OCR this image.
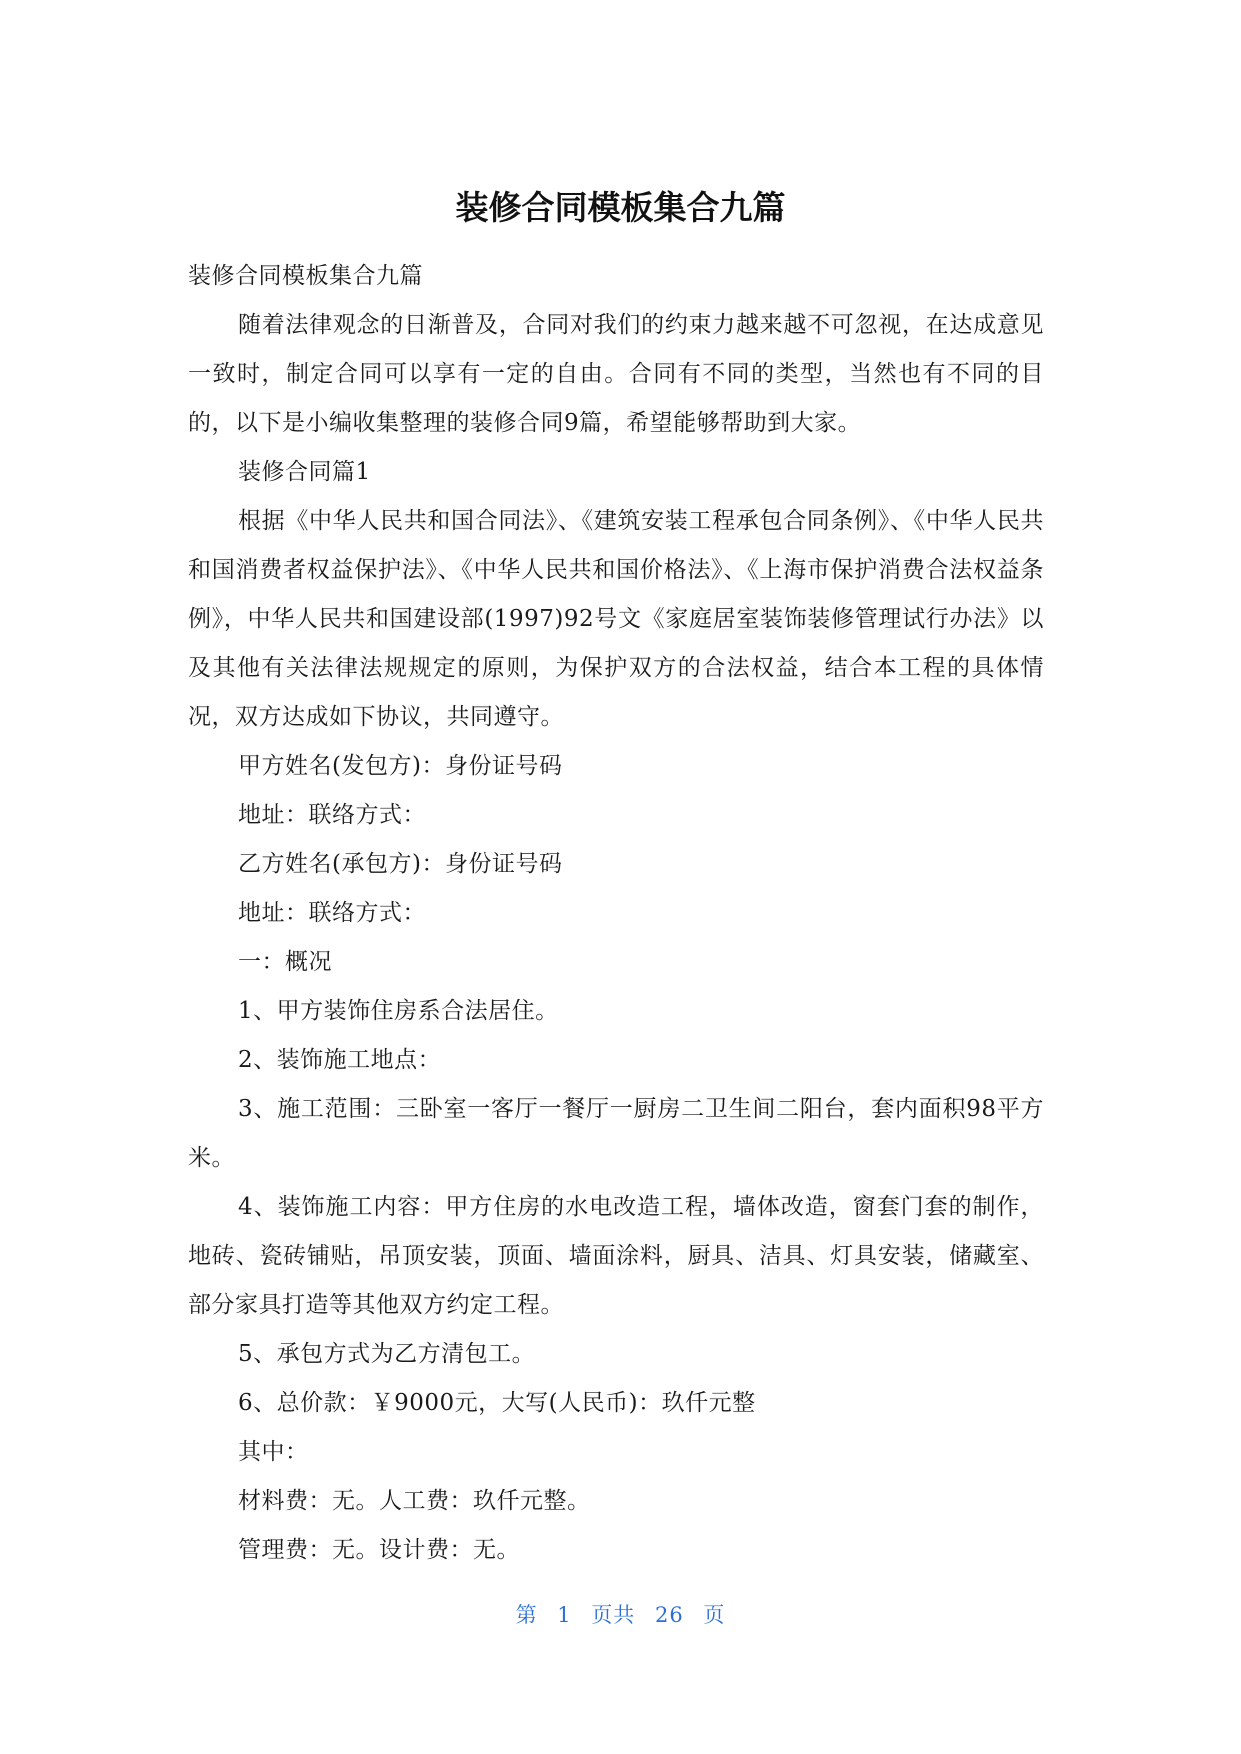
装修合同模板集合九篇

装修合同模板集合九篇

随着法律观念的日渐普及，合同对我们的约束力越来越不可忽视，在达成意见一致时，制定合同可以享有一定的自由。合同有不同的类型，当然也有不同的目的，以下是小编收集整理的装修合同9篇，希望能够帮助到大家。

装修合同篇1

根据《中华人民共和国合同法》、《建筑安装工程承包合同条例》、《中华人民共和国消费者权益保护法》、《中华人民共和国价格法》、《上海市保护消费合法权益条例》，中华人民共和国建设部(1997)92号文《家庭居室装饰装修管理试行办法》以及其他有关法律法规规定的原则，为保护双方的合法权益，结合本工程的具体情况，双方达成如下协议，共同遵守。

甲方姓名(发包方)：身份证号码

地址：联络方式：

乙方姓名(承包方)：身份证号码

地址：联络方式：

一：概况

1、甲方装饰住房系合法居住。

2、装饰施工地点：

3、施工范围：三卧室一客厅一餐厅一厨房二卫生间二阳台，套内面积98平方米。

4、装饰施工内容：甲方住房的水电改造工程，墙体改造，窗套门套的制作，地砖、瓷砖铺贴，吊顶安装，顶面、墙面涂料，厨具、洁具、灯具安装，储藏室、部分家具打造等其他双方约定工程。

5、承包方式为乙方清包工。

6、总价款：￥9000元，大写(人民币)：玖仟元整

其中：

材料费：无。人工费：玖仟元整。

管理费：无。设计费：无。

第 1 页共 26 页
